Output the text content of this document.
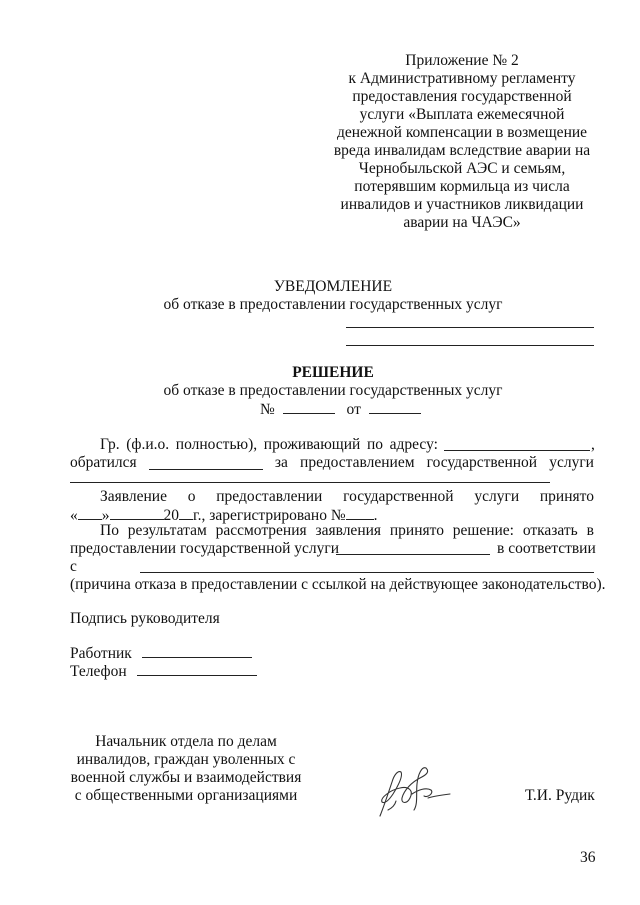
Приложение № 2
к Административному регламенту
предоставления государственной
услуги «Выплата ежемесячной
денежной компенсации в возмещение
вреда инвалидам вследствие аварии на
Чернобыльской АЭС и семьям,
потерявшим кормильца из числа
инвалидов и участников ликвидации
аварии на ЧАЭС»
УВЕДОМЛЕНИЕ
об отказе в предоставлении государственных услуг
РЕШЕНИЕ
об отказе в предоставлении государственных услуг
№	от
Гр. (ф.и.о. полностью), проживающий по адресу:	,
обратился	за предоставлением государственной услуги
Заявление о предоставлении государственной услуги принято
« »	20 г., зарегистрировано № .
По результатам рассмотрения заявления принято решение: отказать в
предоставлении государственной услуги	в соответствии
с
(причина отказа в предоставлении с ссылкой на действующее законодательство).
Подпись руководителя
Работник
Телефон
Начальник отдела по делам
инвалидов, граждан уволенных с
военной службы и взаимодействия
с общественными организациями	Т.И. Рудик
36
